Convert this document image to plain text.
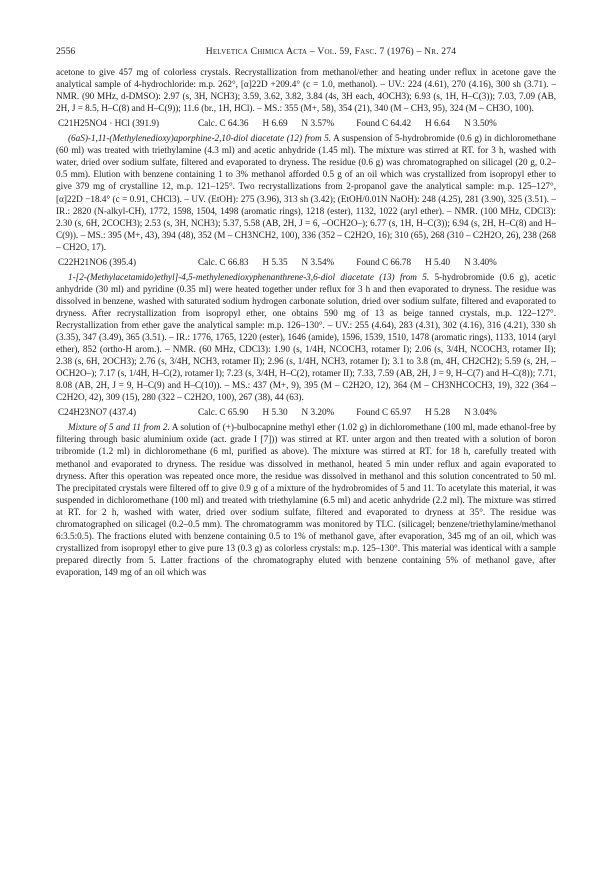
2556	Helvetica Chimica Acta – Vol. 59, Fasc. 7 (1976) – Nr. 274

acetone to give 457 mg of colorless crystals. Recrystallization from methanol/ether and heating under reflux in acetone gave the analytical sample of 4-hydrochloride: m.p. 262°, [α]22D +209.4° (c = 1.0, methanol). – UV.: 224 (4.61), 270 (4.16), 300 sh (3.71). – NMR. (90 MHz, d-DMSO): 2.97 (s, 3H, NCH3); 3.59, 3.62, 3.82, 3.84 (4s, 3H each, 4OCH3); 6.93 (s, 1H, H–C(3)); 7.03, 7.09 (AB, 2H, J = 8.5, H–C(8) and H–C(9)); 11.6 (br., 1H, HCl). – MS.: 355 (M+, 58), 354 (21), 340 (M – CH3, 95), 324 (M – CH3O, 100).

C21H25NO4 · HCl (391.9)	Calc. C 64.36 H 6.69 N 3.57% Found C 64.42 H 6.64 N 3.50%

(6aS)-1,11-(Methylenedioxy)aporphine-2,10-diol diacetate (12) from 5. A suspension of 5-hydrobromide (0.6 g) in dichloromethane (60 ml) was treated with triethylamine (4.3 ml) and acetic anhydride (1.45 ml). The mixture was stirred at RT. for 3 h, washed with water, dried over sodium sulfate, filtered and evaporated to dryness. The residue (0.6 g) was chromatographed on silicagel (20 g, 0.2–0.5 mm). Elution with benzene containing 1 to 3% methanol afforded 0.5 g of an oil which was crystallized from isopropyl ether to give 379 mg of crystalline 12, m.p. 121–125°. Two recrystallizations from 2-propanol gave the analytical sample: m.p. 125–127°, [α]22D −18.4° (c = 0.91, CHCl3). – UV. (EtOH): 275 (3.96), 313 sh (3.42); (EtOH/0.01N NaOH): 248 (4.25), 281 (3.90), 325 (3.51). – IR.: 2820 (N-alkyl-CH), 1772, 1598, 1504, 1498 (aromatic rings), 1218 (ester), 1132, 1022 (aryl ether). – NMR. (100 MHz, CDCl3): 2.30 (s, 6H, 2COCH3); 2.53 (s, 3H, NCH3); 5.37, 5.58 (AB, 2H, J = 6, –OCH2O–); 6.77 (s, 1H, H–C(3)); 6.94 (s, 2H, H–C(8) and H–C(9)). – MS.: 395 (M+, 43), 394 (48), 352 (M – CH3NCH2, 100), 336 (352 – C2H2O, 16); 310 (65), 268 (310 – C2H2O, 26), 238 (268 – CH2O, 17).

C22H21NO6 (395.4)	Calc. C 66.83 H 5.35 N 3.54% Found C 66.78 H 5.40 N 3.40%

1-[2-(Methylacetamido)ethyl]-4,5-methylenedioxyphenanthrene-3,6-diol diacetate (13) from 5. 5-hydrobromide (0.6 g), acetic anhydride (30 ml) and pyridine (0.35 ml) were heated together under reflux for 3 h and then evaporated to dryness. The residue was dissolved in benzene, washed with saturated sodium hydrogen carbonate solution, dried over sodium sulfate, filtered and evaporated to dryness. After recrystallization from isopropyl ether, one obtains 590 mg of 13 as beige tanned crystals, m.p. 122–127°. Recrystallization from ether gave the analytical sample: m.p. 126–130°. – UV.: 255 (4.64), 283 (4.31), 302 (4.16), 316 (4.21), 330 sh (3.35), 347 (3.49), 365 (3.51). – IR.: 1776, 1765, 1220 (ester), 1646 (amide), 1596, 1539, 1510, 1478 (aromatic rings), 1133, 1014 (aryl ether), 852 (ortho-H arom.). – NMR. (60 MHz, CDCl3): 1.90 (s, 1/4H, NCOCH3, rotamer I); 2.06 (s, 3/4H, NCOCH3, rotamer II); 2.38 (s, 6H, 2OCH3); 2.76 (s, 3/4H, NCH3, rotamer II); 2.96 (s, 1/4H, NCH3, rotamer I); 3.1 to 3.8 (m, 4H, CH2CH2); 5.59 (s, 2H, –OCH2O–); 7.17 (s, 1/4H, H–C(2), rotamer I); 7.23 (s, 3/4H, H–C(2), rotamer II); 7.33, 7.59 (AB, 2H, J = 9, H–C(7) and H–C(8)); 7.71, 8.08 (AB, 2H, J = 9, H–C(9) and H–C(10)). – MS.: 437 (M+, 9), 395 (M – C2H2O, 12), 364 (M – CH3NHCOCH3, 19), 322 (364 – C2H2O, 42), 309 (15), 280 (322 – C2H2O, 100), 267 (38), 44 (63).

C24H23NO7 (437.4)	Calc. C 65.90 H 5.30 N 3.20% Found C 65.97 H 5.28 N 3.04%

Mixture of 5 and 11 from 2. A solution of (+)-bulbocapnine methyl ether (1.02 g) in dichloromethane (100 ml, made ethanol-free by filtering through basic aluminium oxide (act. grade I [7])) was stirred at RT. unter argon and then treated with a solution of boron tribromide (1.2 ml) in dichloromethane (6 ml, purified as above). The mixture was stirred at RT. for 18 h, carefully treated with methanol and evaporated to dryness. The residue was dissolved in methanol, heated 5 min under reflux and again evaporated to dryness. After this operation was repeated once more, the residue was dissolved in methanol and this solution concentrated to 50 ml. The precipitated crystals were filtered off to give 0.9 g of a mixture of the hydrobromides of 5 and 11. To acetylate this material, it was suspended in dichloromethane (100 ml) and treated with triethylamine (6.5 ml) and acetic anhydride (2.2 ml). The mixture was stirred at RT. for 2 h, washed with water, dried over sodium sulfate, filtered and evaporated to dryness at 35°. The residue was chromatographed on silicagel (0.2–0.5 mm). The chromatogramm was monitored by TLC. (silicagel; benzene/triethylamine/methanol 6:3.5:0.5). The fractions eluted with benzene containing 0.5 to 1% of methanol gave, after evaporation, 345 mg of an oil, which was crystallized from isopropyl ether to give pure 13 (0.3 g) as colorless crystals: m.p. 125–130°. This material was identical with a sample prepared directly from 5. Latter fractions of the chromatography eluted with benzene containing 5% of methanol gave, after evaporation, 149 mg of an oil which was
